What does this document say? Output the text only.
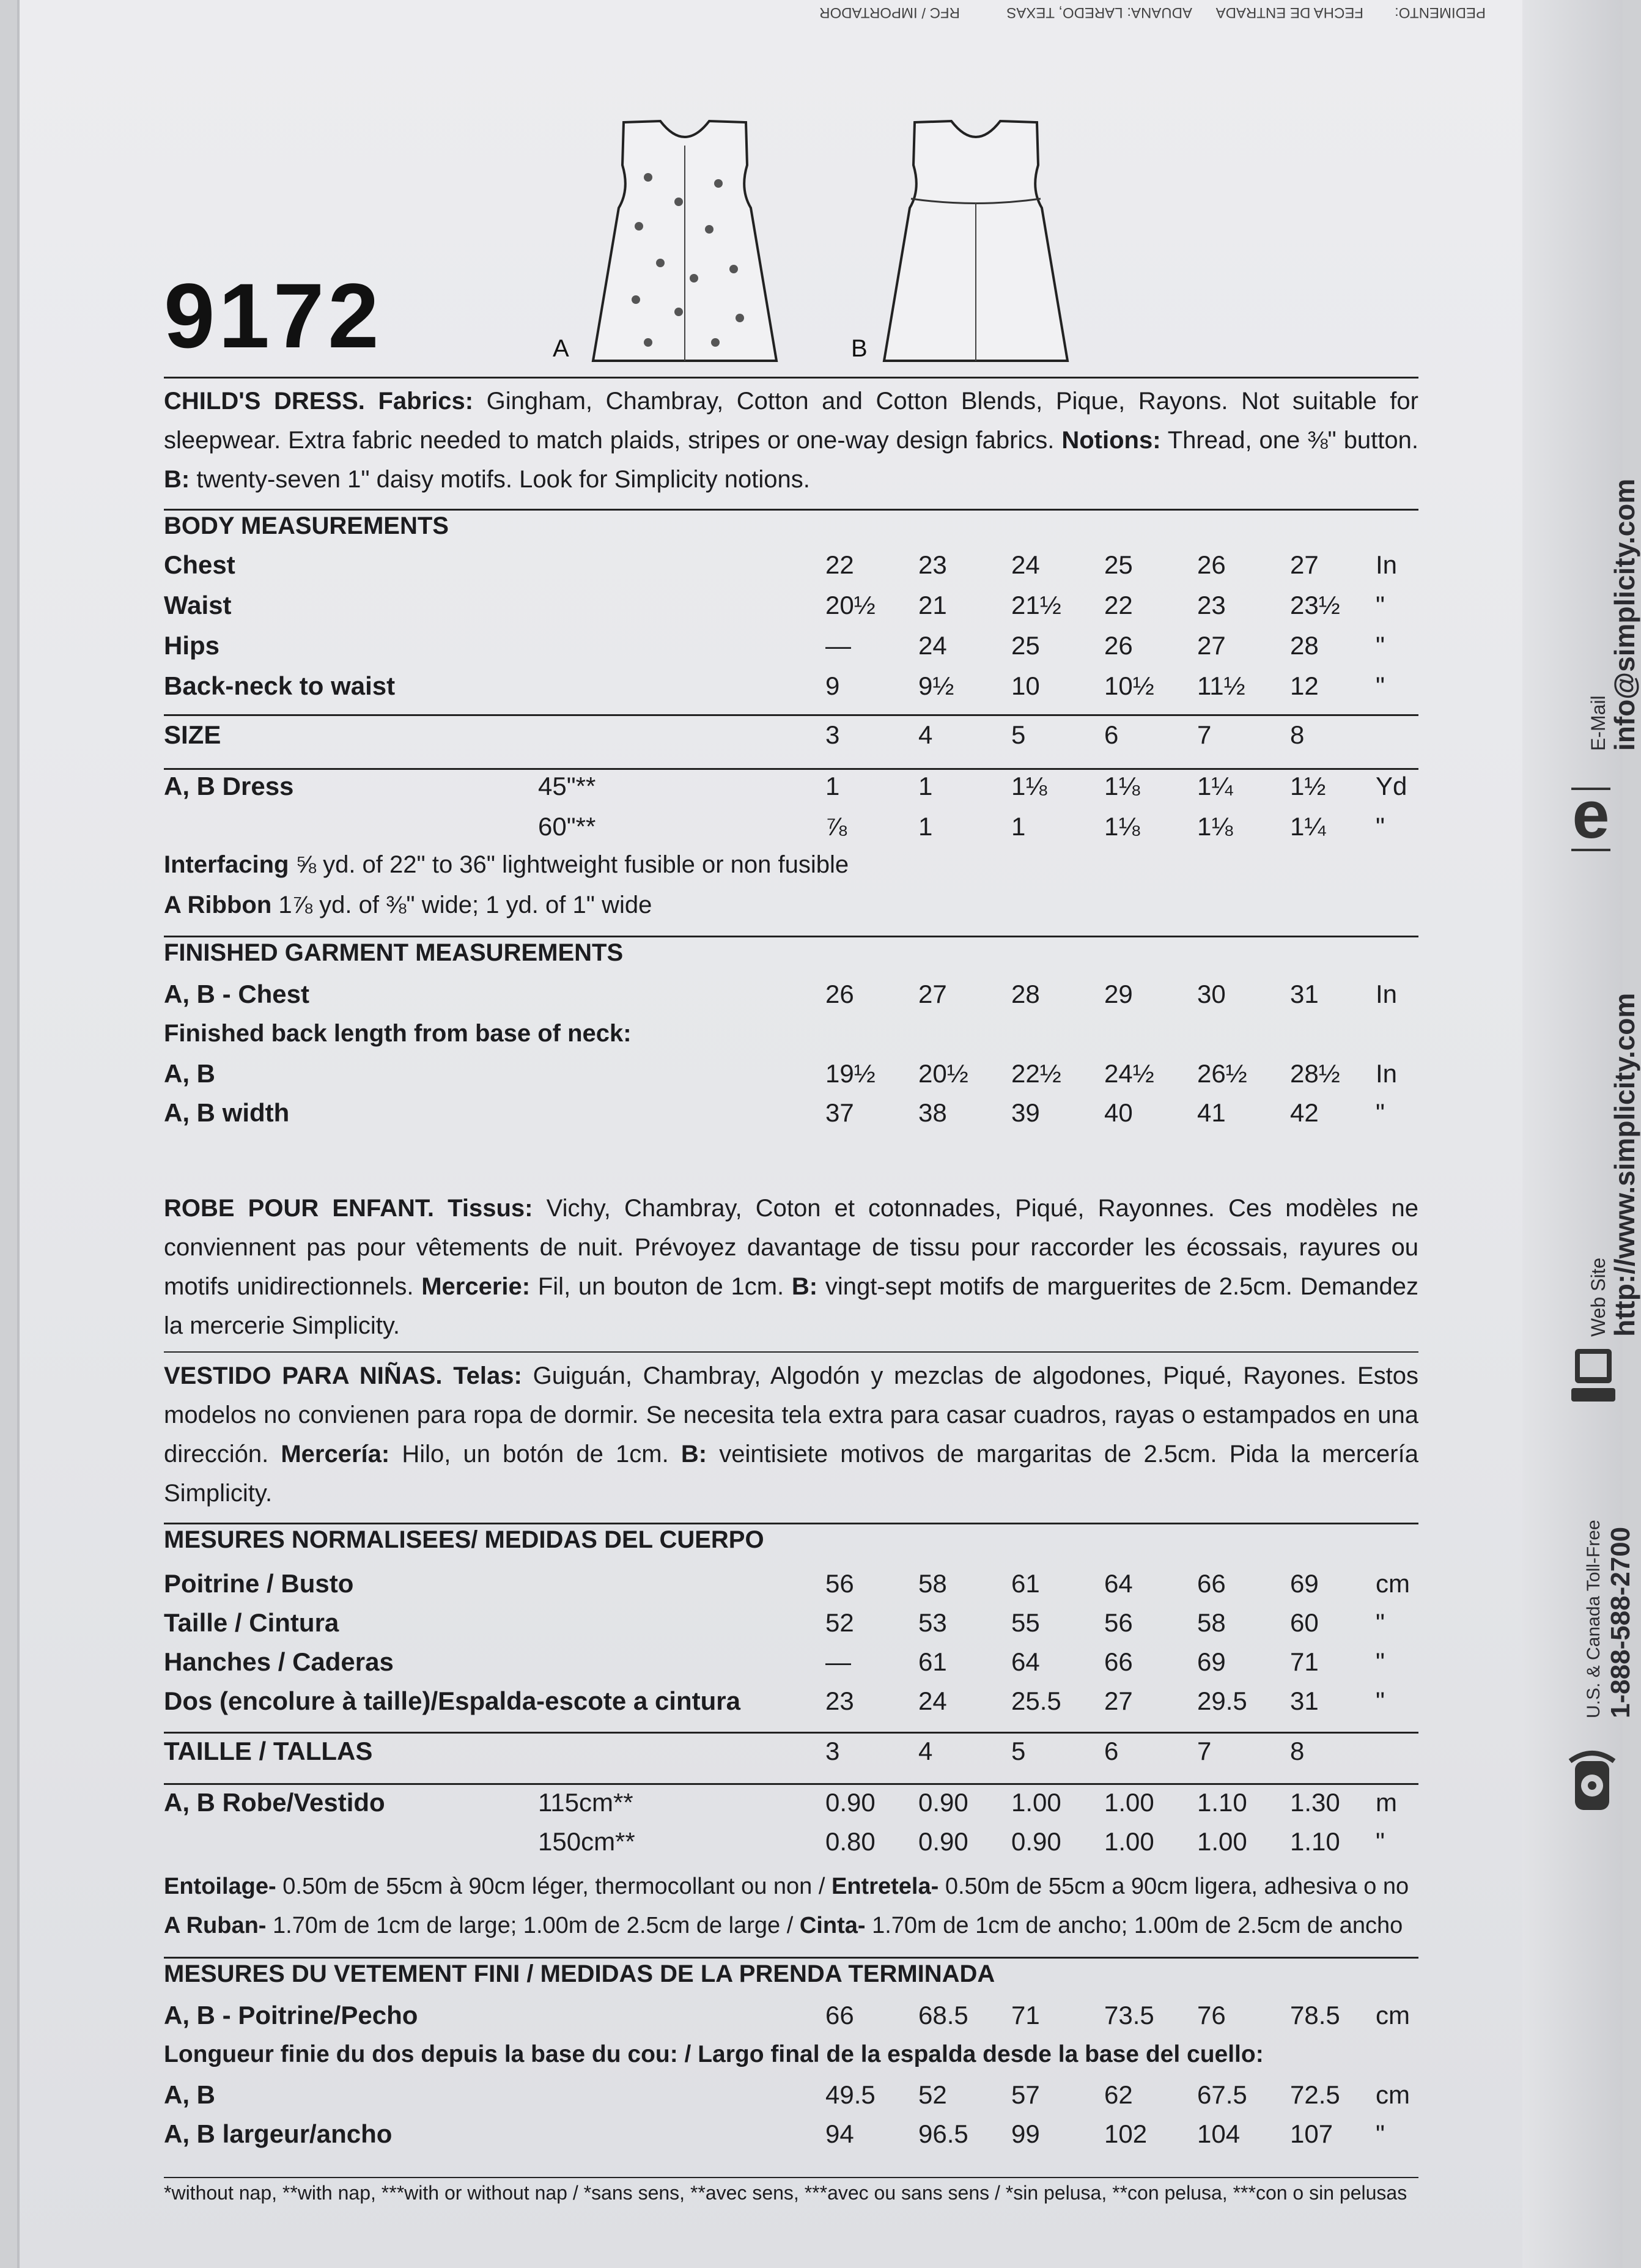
PEDIMENTO:
FECHA DE ENTRADA
ADUANA: LAREDO, TEXAS
RFC / IMPORTADOR
9172	A	B
CHILD'S DRESS. Fabrics: Gingham, Chambray, Cotton and Cotton Blends, Pique, Rayons. Not suitable for sleepwear. Extra fabric needed to match plaids, stripes or one-way design fabrics. Notions: Thread, one ⅜" button. B: twenty-seven 1" daisy motifs. Look for Simplicity notions.
BODY MEASUREMENTS
Chest	22	23	24	25	26	27	In
Waist	20½	21	21½	22	23	23½	"
Hips	—	24	25	26	27	28	"
Back-neck to waist	9	9½	10	10½	11½	12	"
SIZE	3	4	5	6	7	8
A, B Dress	45"**	1	1	1⅛	1⅛	1¼	1½	Yd
60"**	⅞	1	1	1⅛	1⅛	1¼	"
Interfacing ⅝ yd. of 22" to 36" lightweight fusible or non fusible
A Ribbon 1⅞ yd. of ⅜" wide; 1 yd. of 1" wide
FINISHED GARMENT MEASUREMENTS
A, B - Chest	26	27	28	29	30	31	In
A, B	19½	20½	22½	24½	26½	28½	In
A, B width	37	38	39	40	41	42	"
Finished back length from base of neck:
ROBE POUR ENFANT. Tissus: Vichy, Chambray, Coton et cotonnades, Piqué, Rayonnes. Ces modèles ne conviennent pas pour vêtements de nuit. Prévoyez davantage de tissu pour raccorder les écossais, rayures ou motifs unidirectionnels. Mercerie: Fil, un bouton de 1cm. B: vingt-sept motifs de marguerites de 2.5cm. Demandez la mercerie Simplicity.
VESTIDO PARA NIÑAS. Telas: Guiguán, Chambray, Algodón y mezclas de algodones, Piqué, Rayones. Estos modelos no convienen para ropa de dormir. Se necesita tela extra para casar cuadros, rayas o estampados en una dirección. Mercería: Hilo, un botón de 1cm. B: veintisiete motivos de margaritas de 2.5cm. Pida la mercería Simplicity.
MESURES NORMALISEES/ MEDIDAS DEL CUERPO
Poitrine / Busto	56	58	61	64	66	69	cm
Taille / Cintura	52	53	55	56	58	60	"
Hanches / Caderas	—	61	64	66	69	71	"
Dos (encolure à taille)/Espalda-escote a cintura	23	24	25.5	27	29.5	31	"
TAILLE / TALLAS	3	4	5	6	7	8
A, B Robe/Vestido	115cm**	0.90	0.90	1.00	1.00	1.10	1.30	m
150cm**	0.80	0.90	0.90	1.00	1.00	1.10	"
Entoilage- 0.50m de 55cm à 90cm léger, thermocollant ou non / Entretela- 0.50m de 55cm a 90cm ligera, adhesiva o no
A Ruban- 1.70m de 1cm de large; 1.00m de 2.5cm de large / Cinta- 1.70m de 1cm de ancho; 1.00m de 2.5cm de ancho
MESURES DU VETEMENT FINI / MEDIDAS DE LA PRENDA TERMINADA
A, B - Poitrine/Pecho	66	68.5	71	73.5	76	78.5	cm
A, B	49.5	52	57	62	67.5	72.5	cm
A, B largeur/ancho	94	96.5	99	102	104	107	"
Longueur finie du dos depuis la base du cou: / Largo final de la espalda desde la base del cuello:
*without nap, **with nap, ***with or without nap / *sans sens, **avec sens, ***avec ou sans sens / *sin pelusa, **con pelusa, ***con o sin pelusas
E-Mail info@simplicity.com
e
Web Site http://www.simplicity.com
U.S. & Canada Toll-Free 1-888-588-2700
